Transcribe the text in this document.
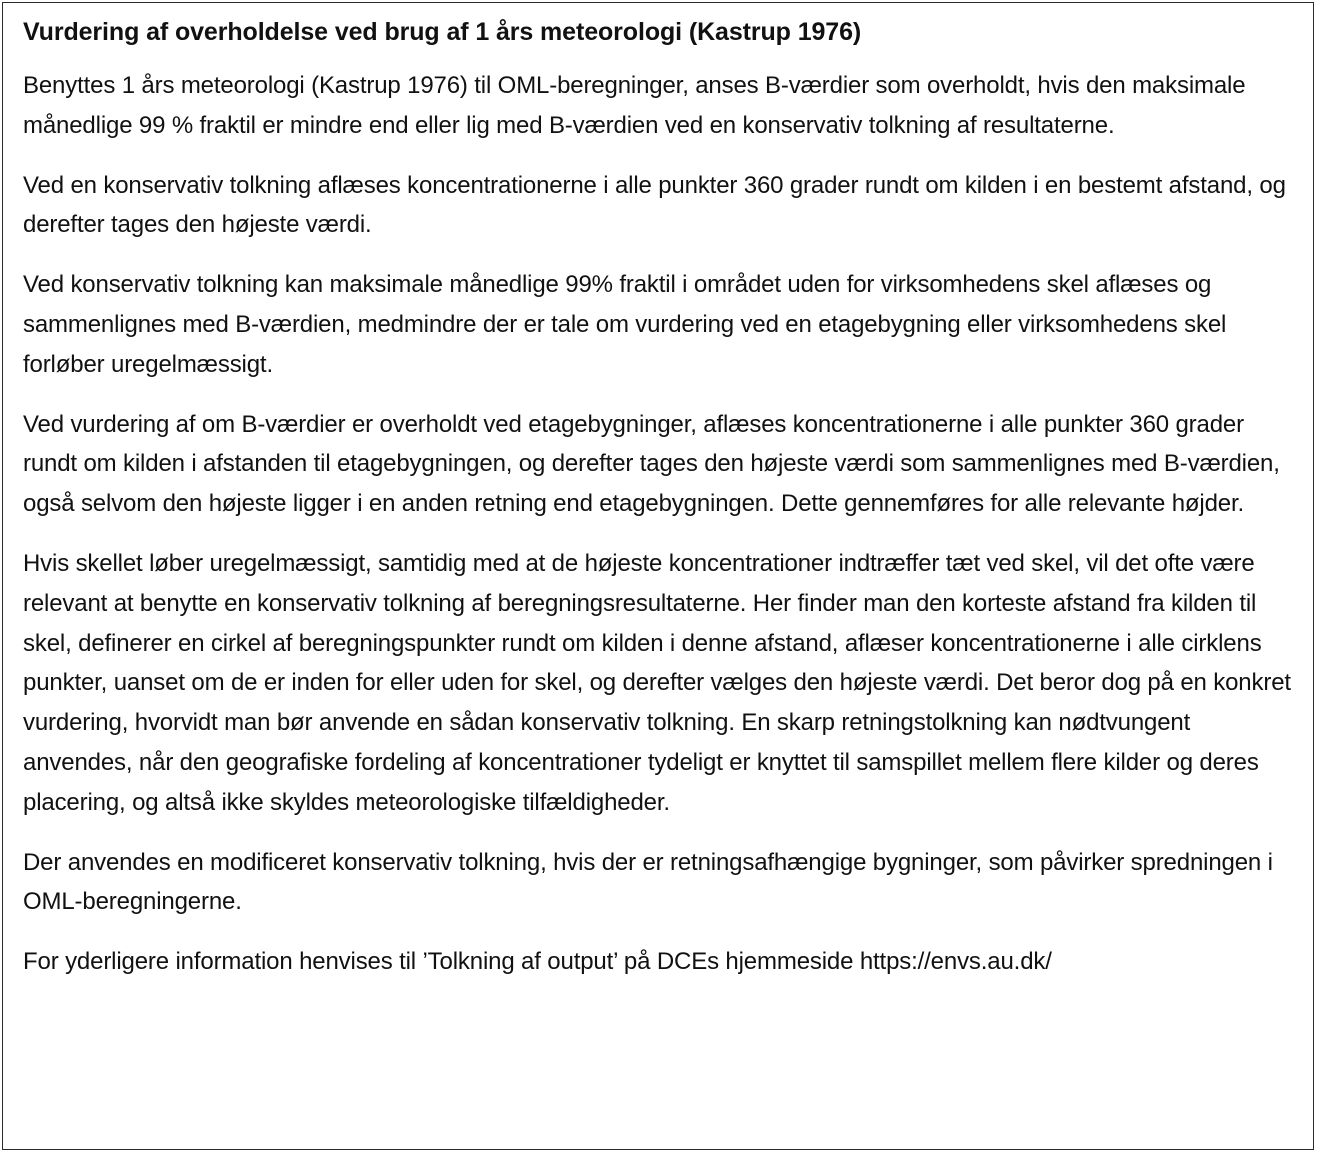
Vurdering af overholdelse ved brug af 1 års meteorologi (Kastrup 1976)

Benyttes 1 års meteorologi (Kastrup 1976) til OML-beregninger, anses B-værdier som overholdt, hvis den maksimale månedlige 99 % fraktil er mindre end eller lig med B-værdien ved en konservativ tolkning af resultaterne.

Ved en konservativ tolkning aflæses koncentrationerne i alle punkter 360 grader rundt om kilden i en bestemt afstand, og derefter tages den højeste værdi.

Ved konservativ tolkning kan maksimale månedlige 99% fraktil i området uden for virksomhedens skel aflæses og sammenlignes med B-værdien, medmindre der er tale om vurdering ved en etagebygning eller virksomhedens skel forløber uregelmæssigt.

Ved vurdering af om B-værdier er overholdt ved etagebygninger, aflæses koncentrationerne i alle punkter 360 grader rundt om kilden i afstanden til etagebygningen, og derefter tages den højeste værdi som sammenlignes med B-værdien, også selvom den højeste ligger i en anden retning end etagebygningen. Dette gennemføres for alle relevante højder.

Hvis skellet løber uregelmæssigt, samtidig med at de højeste koncentrationer indtræffer tæt ved skel, vil det ofte være relevant at benytte en konservativ tolkning af beregningsresultaterne. Her finder man den korteste afstand fra kilden til skel, definerer en cirkel af beregningspunkter rundt om kilden i denne afstand, aflæser koncentrationerne i alle cirklens punkter, uanset om de er inden for eller uden for skel, og derefter vælges den højeste værdi. Det beror dog på en konkret vurdering, hvorvidt man bør anvende en sådan konservativ tolkning. En skarp retningstolkning kan nødtvungent anvendes, når den geografiske fordeling af koncentrationer tydeligt er knyttet til samspillet mellem flere kilder og deres placering, og altså ikke skyldes meteorologiske tilfældigheder.

Der anvendes en modificeret konservativ tolkning, hvis der er retningsafhængige bygninger, som påvirker spredningen i OML-beregningerne.

For yderligere information henvises til ’Tolkning af output’ på DCEs hjemmeside https://envs.au.dk/
